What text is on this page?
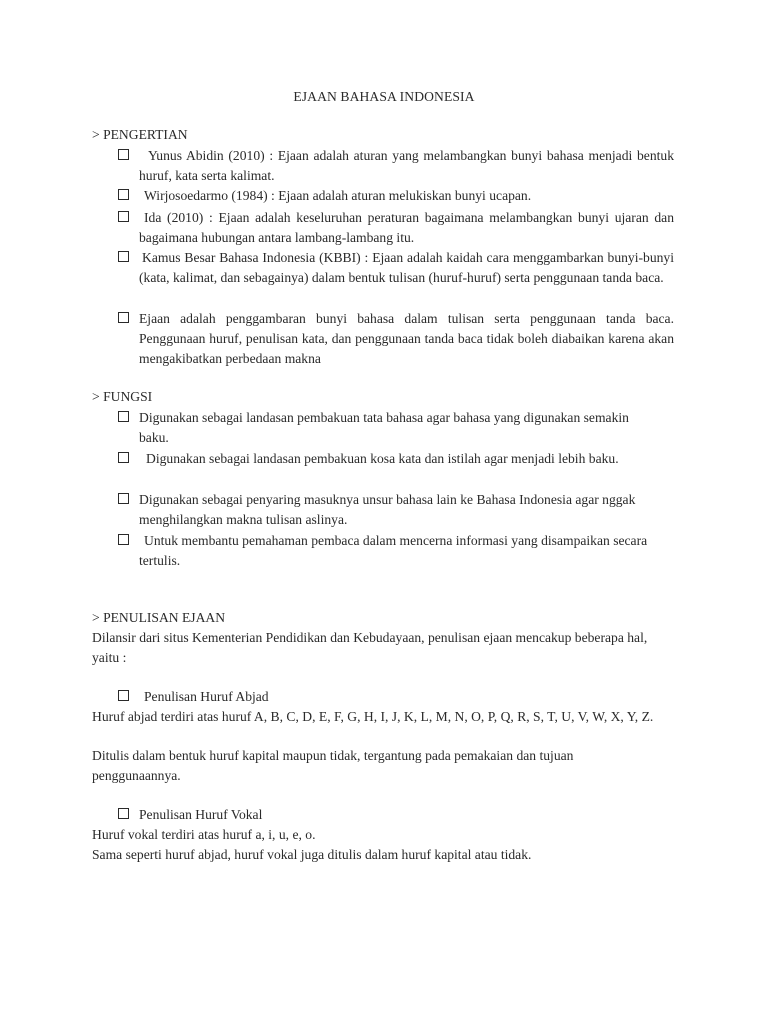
EJAAN BAHASA INDONESIA
> PENGERTIAN
Yunus Abidin (2010) : Ejaan adalah aturan yang melambangkan bunyi bahasa menjadi bentuk huruf, kata serta kalimat.
Wirjosoedarmo (1984) : Ejaan adalah aturan melukiskan bunyi ucapan.
Ida (2010) : Ejaan adalah keseluruhan peraturan bagaimana melambangkan bunyi ujaran dan bagaimana hubungan antara lambang-lambang itu.
Kamus Besar Bahasa Indonesia (KBBI) : Ejaan adalah kaidah cara menggambarkan bunyi-bunyi (kata, kalimat, dan sebagainya) dalam bentuk tulisan (huruf-huruf) serta penggunaan tanda baca.
Ejaan adalah penggambaran bunyi bahasa dalam tulisan serta penggunaan tanda baca. Penggunaan huruf, penulisan kata, dan penggunaan tanda baca tidak boleh diabaikan karena akan mengakibatkan perbedaan makna
> FUNGSI
Digunakan sebagai landasan pembakuan tata bahasa agar bahasa yang digunakan semakin baku.
Digunakan sebagai landasan pembakuan kosa kata dan istilah agar menjadi lebih baku.
Digunakan sebagai penyaring masuknya unsur bahasa lain ke Bahasa Indonesia agar nggak menghilangkan makna tulisan aslinya.
Untuk membantu pemahaman pembaca dalam mencerna informasi yang disampaikan secara tertulis.
> PENULISAN EJAAN
Dilansir dari situs Kementerian Pendidikan dan Kebudayaan, penulisan ejaan mencakup beberapa hal, yaitu :
Penulisan Huruf Abjad
Huruf abjad terdiri atas huruf A, B, C, D, E, F, G, H, I, J, K, L, M, N, O, P, Q, R, S, T, U, V, W, X, Y, Z.
Ditulis dalam bentuk huruf kapital maupun tidak, tergantung pada pemakaian dan tujuan penggunaannya.
Penulisan Huruf Vokal
Huruf vokal terdiri atas huruf a, i, u, e, o.
Sama seperti huruf abjad, huruf vokal juga ditulis dalam huruf kapital atau tidak.
